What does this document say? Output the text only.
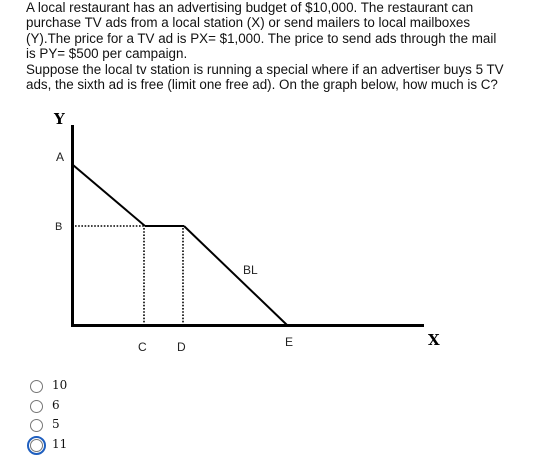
A local restaurant has an advertising budget of $10,000. The restaurant can purchase TV ads from a local station (X) or send mailers to local mailboxes (Y).The price for a TV ad is PX= $1,000. The price to send ads through the mail is PY= $500 per campaign.

Suppose the local tv station is running a special where if an advertiser buys 5 TV ads, the sixth ad is free (limit one free ad). On the graph below, how much is C?

Y
X
A
B
C	D	E
BL
10
6
5
11
